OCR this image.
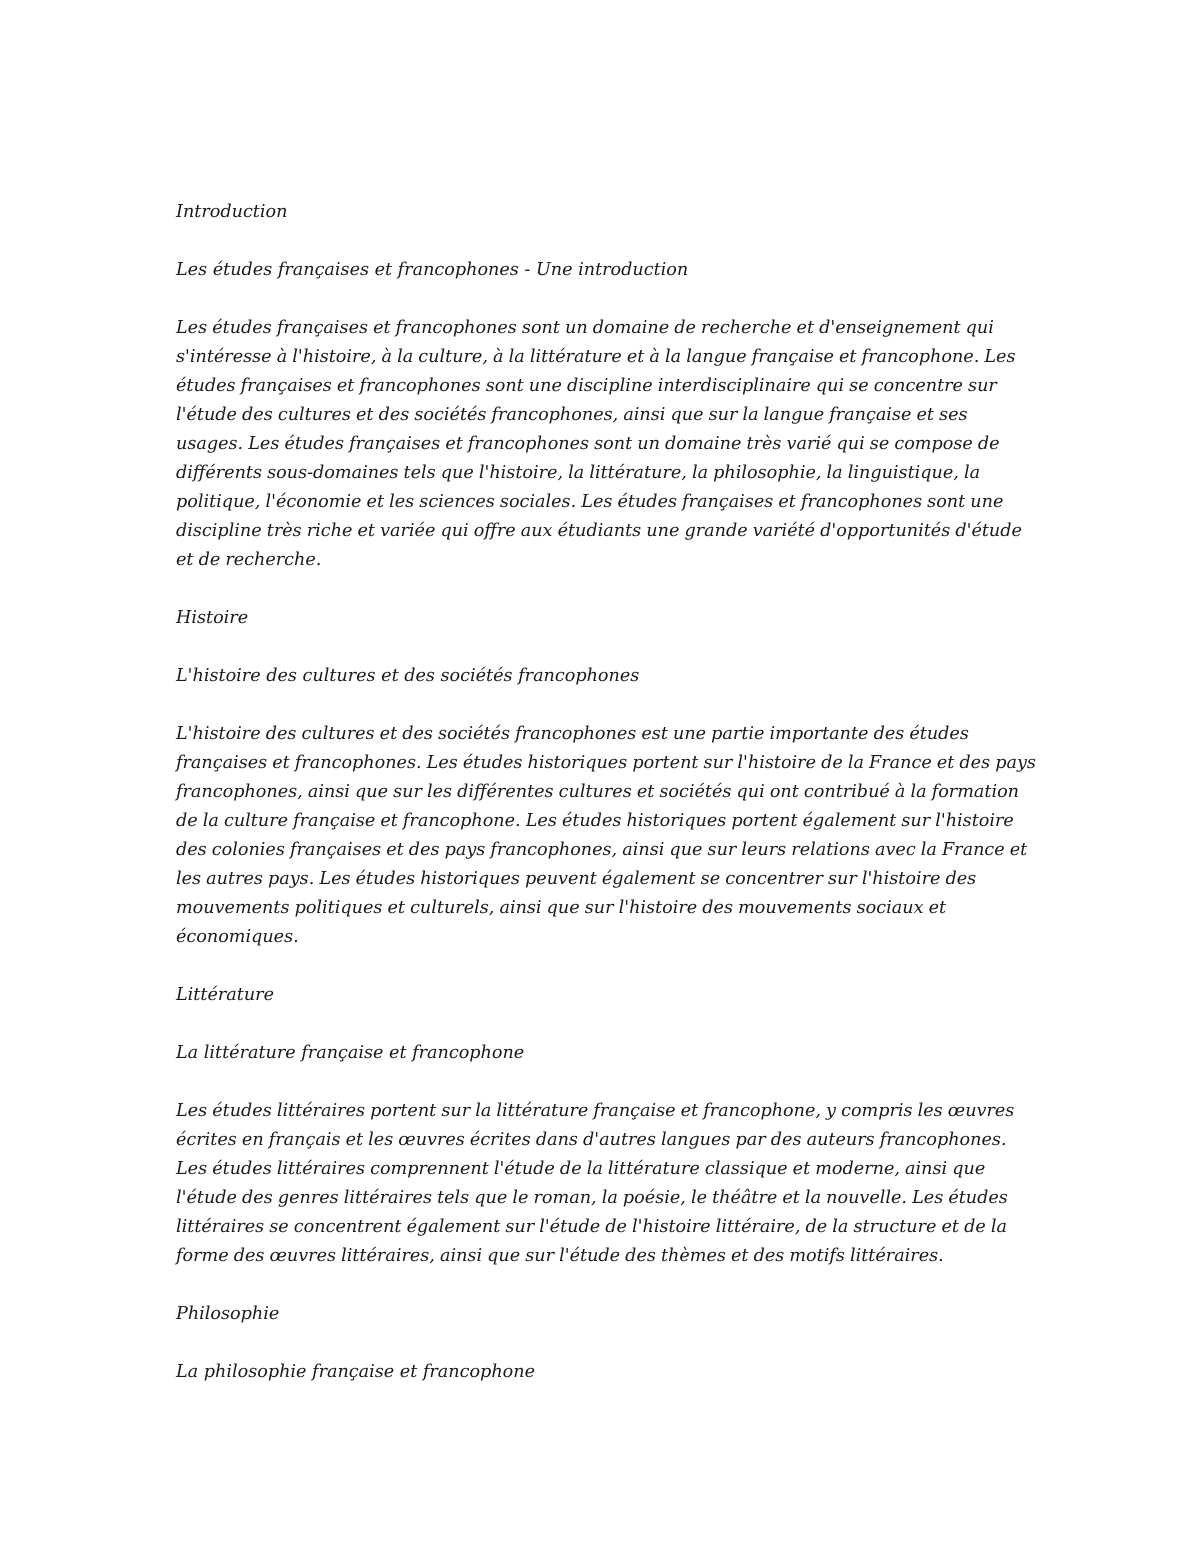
Introduction

Les études françaises et francophones - Une introduction

Les études françaises et francophones sont un domaine de recherche et d'enseignement qui s'intéresse à l'histoire, à la culture, à la littérature et à la langue française et francophone. Les études françaises et francophones sont une discipline interdisciplinaire qui se concentre sur l'étude des cultures et des sociétés francophones, ainsi que sur la langue française et ses usages. Les études françaises et francophones sont un domaine très varié qui se compose de différents sous-domaines tels que l'histoire, la littérature, la philosophie, la linguistique, la politique, l'économie et les sciences sociales. Les études françaises et francophones sont une discipline très riche et variée qui offre aux étudiants une grande variété d'opportunités d'étude et de recherche.

Histoire

L'histoire des cultures et des sociétés francophones

L'histoire des cultures et des sociétés francophones est une partie importante des études françaises et francophones. Les études historiques portent sur l'histoire de la France et des pays francophones, ainsi que sur les différentes cultures et sociétés qui ont contribué à la formation de la culture française et francophone. Les études historiques portent également sur l'histoire des colonies françaises et des pays francophones, ainsi que sur leurs relations avec la France et les autres pays. Les études historiques peuvent également se concentrer sur l'histoire des mouvements politiques et culturels, ainsi que sur l'histoire des mouvements sociaux et économiques.

Littérature

La littérature française et francophone

Les études littéraires portent sur la littérature française et francophone, y compris les œuvres écrites en français et les œuvres écrites dans d'autres langues par des auteurs francophones. Les études littéraires comprennent l'étude de la littérature classique et moderne, ainsi que l'étude des genres littéraires tels que le roman, la poésie, le théâtre et la nouvelle. Les études littéraires se concentrent également sur l'étude de l'histoire littéraire, de la structure et de la forme des œuvres littéraires, ainsi que sur l'étude des thèmes et des motifs littéraires.

Philosophie

La philosophie française et francophone
